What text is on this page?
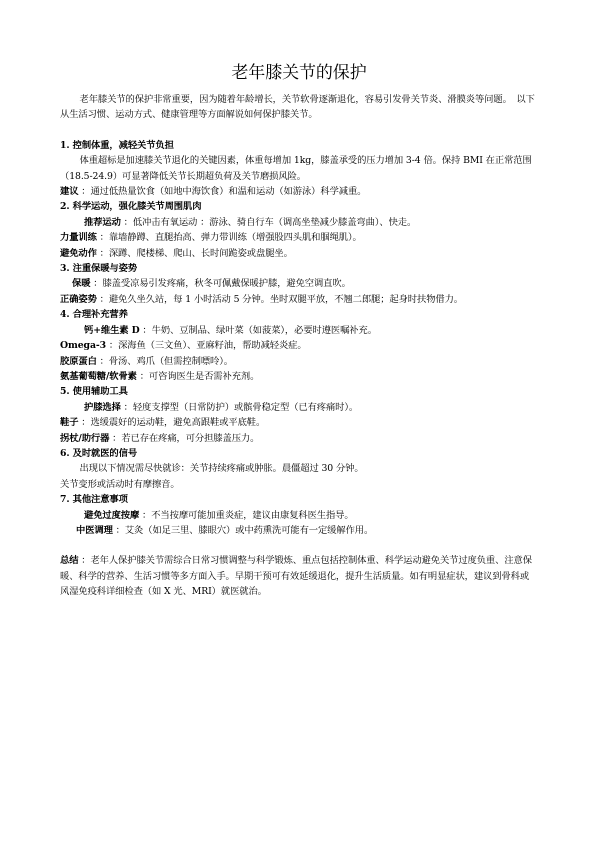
老年膝关节的保护

老年膝关节的保护非常重要，因为随着年龄增长，关节软骨逐渐退化，容易引发骨关节炎、滑膜炎等问题。　以下从生活习惯、运动方式、健康管理等方面解说如何保护膝关节。

1. 控制体重，减轻关节负担

体重超标是加速膝关节退化的关键因素，体重每增加 1kg，膝盖承受的压力增加 3-4 倍。保持 BMI 在正常范围（18.5-24.9）可显著降低关节长期超负荷及关节磨损风险。

建议 ：通过低热量饮食（如地中海饮食）和温和运动（如游泳）科学减重。

2. 科学运动，强化膝关节周围肌肉

推荐运动 ：低冲击有氧运动 ：游泳、骑自行车（调高坐垫减少膝盖弯曲）、快走。

力量训练 ：靠墙静蹲、直腿抬高、弹力带训练（增强股四头肌和腘绳肌）。

避免动作 ：深蹲、爬楼梯、爬山、长时间跪姿或盘腿坐。

3. 注重保暖与姿势

保暖 ：膝盖受凉易引发疼痛，秋冬可佩戴保暖护膝，避免空调直吹。

正确姿势 ：避免久坐久站，每 1 小时活动 5 分钟。坐时双腿平放，不翘二郎腿；起身时扶物借力。

4. 合理补充营养

钙+维生素 D ：牛奶、豆制品、绿叶菜（如菠菜），必要时遵医嘱补充。

Omega-3 ：深海鱼（三文鱼）、亚麻籽油，帮助减轻炎症。

胶原蛋白 ：骨汤、鸡爪（但需控制嘌呤）。

氨基葡萄糖/软骨素 ：可咨询医生是否需补充剂。

5. 使用辅助工具

护膝选择 ：轻度支撑型（日常防护）或髌骨稳定型（已有疼痛时）。

鞋子 ：选缓震好的运动鞋，避免高跟鞋或平底鞋。

拐杖/助行器 ：若已存在疼痛，可分担膝盖压力。

6. 及时就医的信号

出现以下情况需尽快就诊：关节持续疼痛或肿胀。晨僵超过 30 分钟。

关节变形或活动时有摩擦音。

7. 其他注意事项

避免过度按摩 ：不当按摩可能加重炎症，建议由康复科医生指导。

中医调理 ：艾灸（如足三里、膝眼穴）或中药熏洗可能有一定缓解作用。

总结 ：老年人保护膝关节需综合日常习惯调整与科学锻炼、重点包括控制体重、科学运动避免关节过度负重、注意保暖、科学的营养、生活习惯等多方面入手。早期干预可有效延缓退化，提升生活质量。如有明显症状，建议到骨科或风湿免疫科详细检查（如 X 光、MRI）就医就治。
